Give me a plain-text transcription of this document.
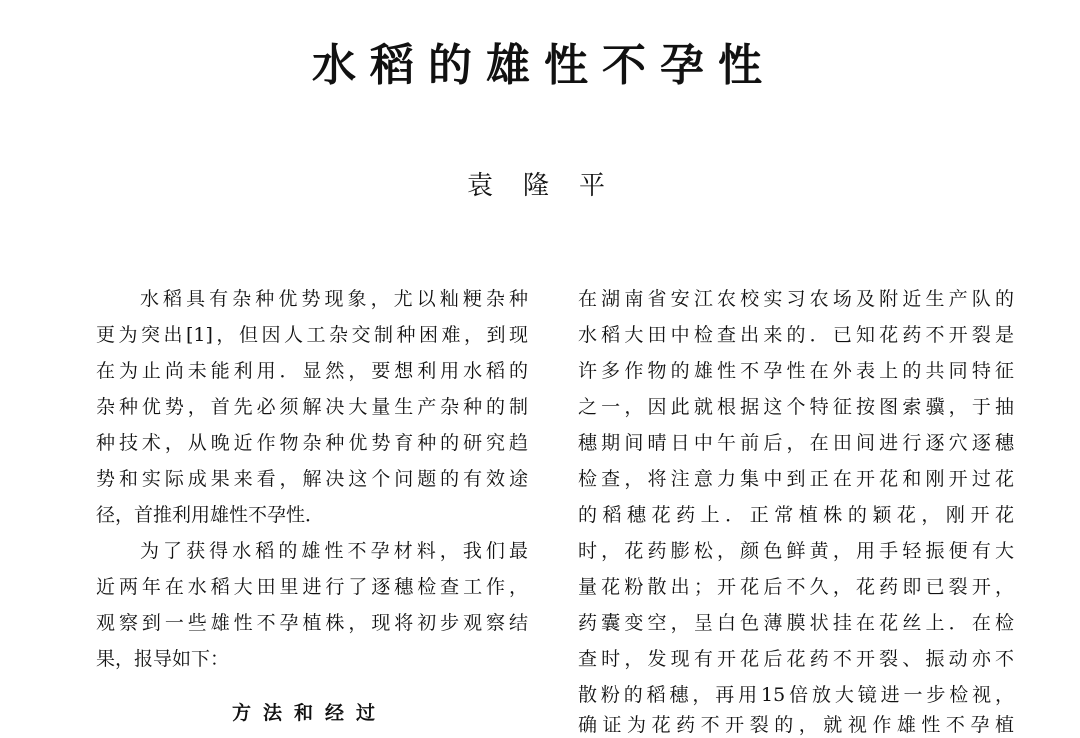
水稻的雄性不孕性
袁隆平
水稻具有杂种优势现象，尤以籼粳杂种
更为突出[1]，但因人工杂交制种困难，到现
在为止尚未能利用．显然，要想利用水稻的
杂种优势，首先必须解决大量生产杂种的制
种技术，从晚近作物杂种优势育种的研究趋
势和实际成果来看，解决这个问题的有效途
径，首推利用雄性不孕性．
为了获得水稻的雄性不孕材料，我们最
近两年在水稻大田里进行了逐穗检查工作，
观察到一些雄性不孕植株，现将初步观察结
果，报导如下：
方法和经过
在湖南省安江农校实习农场及附近生产队的
水稻大田中检查出来的．已知花药不开裂是
许多作物的雄性不孕性在外表上的共同特征
之一，因此就根据这个特征按图索骥，于抽
穗期间晴日中午前后，在田间进行逐穴逐穗
检查，将注意力集中到正在开花和刚开过花
的稻穗花药上．正常植株的颖花，刚开花
时，花药膨松，颜色鲜黄，用手轻振便有大
量花粉散出；开花后不久，花药即已裂开，
药囊变空，呈白色薄膜状挂在花丝上．在检
查时，发现有开花后花药不开裂、振动亦不
散粉的稻穗，再用15倍放大镜进一步检视，
确证为花药不开裂的，就视作雄性不孕植
